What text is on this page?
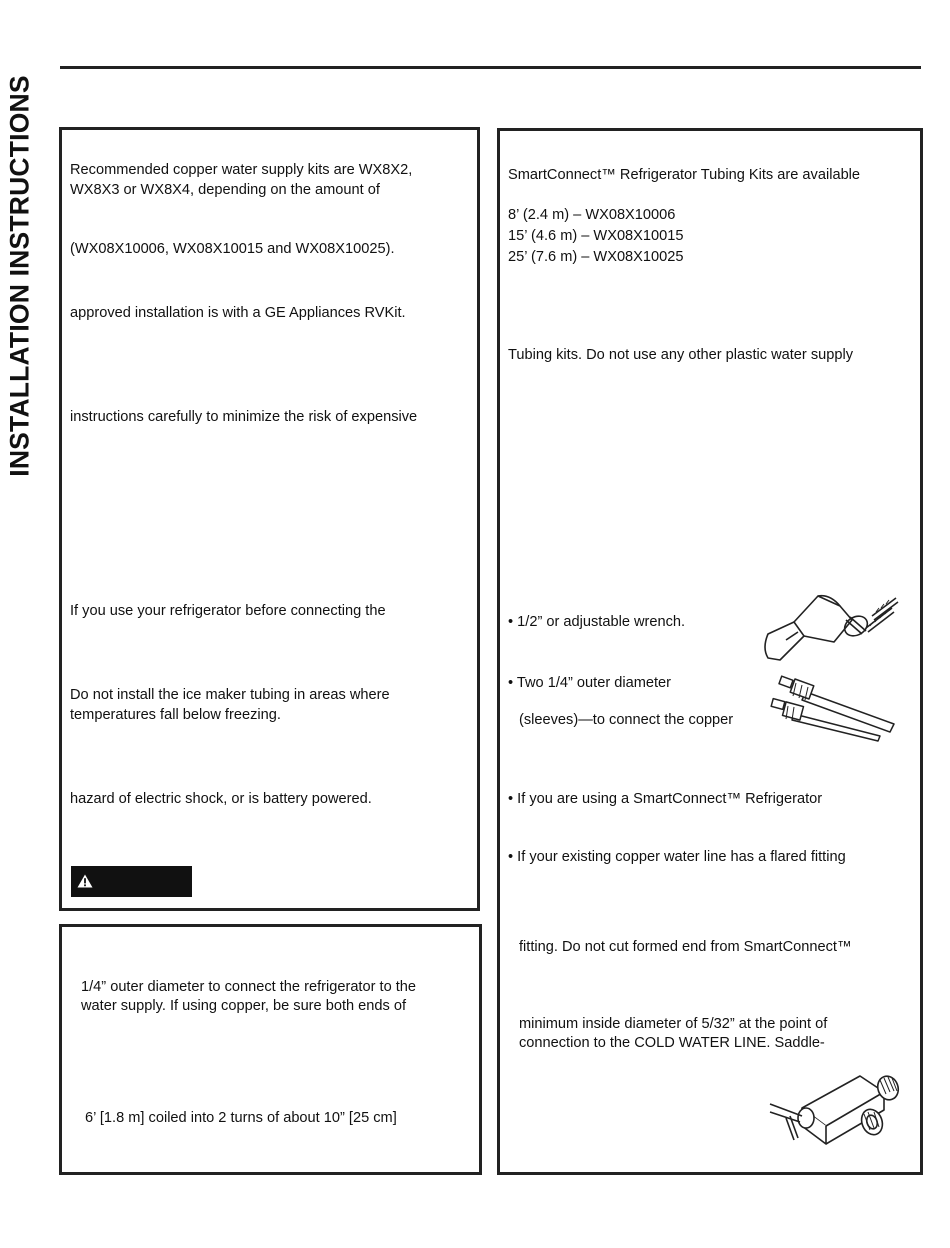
INSTALLATION INSTRUCTIONS Recommended copper water supply kits are WX8X2,
WX8X3 or WX8X4, depending on the amount of
(WX08X10006, WX08X10015 and WX08X10025).
approved installation is with a GE Appliances RVKit.
instructions carefully to minimize the risk of expensive
If you use your refrigerator before connecting the
Do not install the ice maker tubing in areas where
temperatures fall below freezing.
hazard of electric shock, or is battery powered.
1/4” outer diameter to connect the refrigerator to the
water supply. If using copper, be sure both ends of
6’ [1.8 m] coiled into 2 turns of about 10” [25 cm]
SmartConnect™ Refrigerator Tubing Kits are available
8’ (2.4 m) – WX08X10006
15’ (4.6 m) – WX08X10015
25’ (7.6 m) – WX08X10025
Tubing kits. Do not use any other plastic water supply
• 1/2” or adjustable wrench.
• Two 1/4” outer diameter
(sleeves)—to connect the copper
• If you are using a SmartConnect™ Refrigerator
• If your existing copper water line has a flared fitting
fitting. Do not cut formed end from SmartConnect™
minimum inside diameter of 5/32” at the point of
connection to the COLD WATER LINE. Saddle-
